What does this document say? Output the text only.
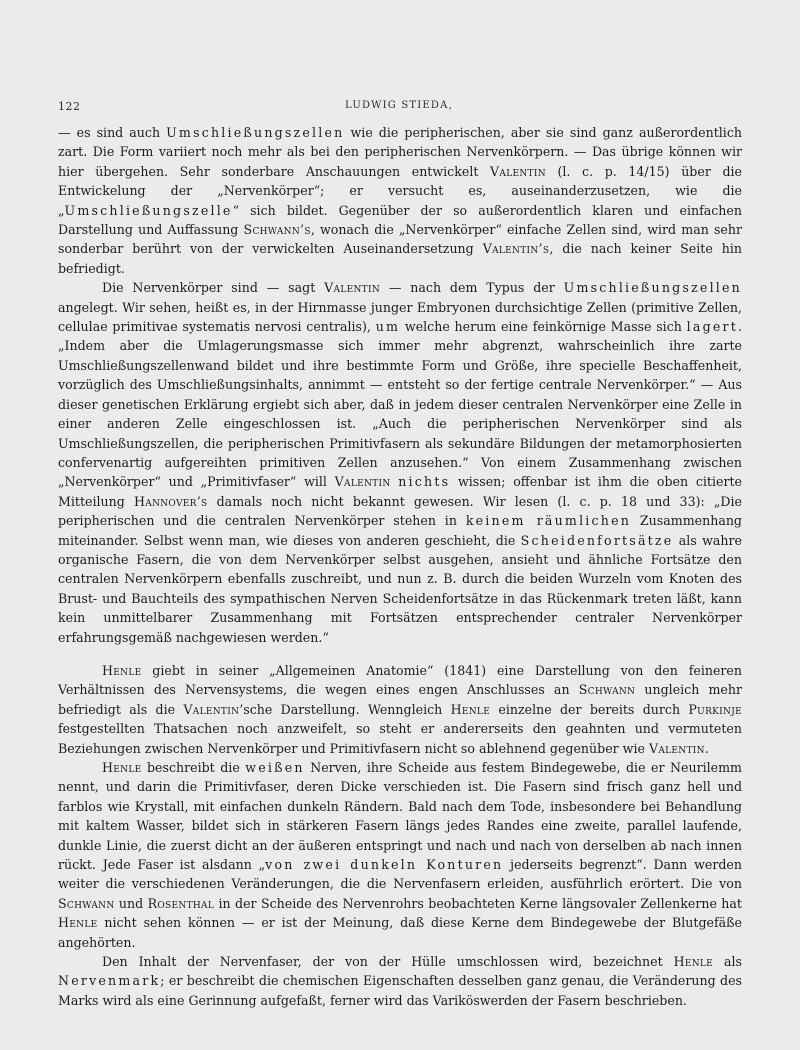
122	LUDWIG STIEDA,

— es sind auch Umschließungszellen wie die peripherischen, aber sie sind ganz außerordentlich zart. Die Form variiert noch mehr als bei den peripherischen Nervenkörpern. — Das übrige können wir hier übergehen. Sehr sonderbare Anschauungen entwickelt Valentin (l. c. p. 14/15) über die Entwickelung der „Nervenkörper“; er versucht es, auseinanderzusetzen, wie die „Umschließungszelle“ sich bildet. Gegenüber der so außerordentlich klaren und einfachen Darstellung und Auffassung Schwann’s, wonach die „Nervenkörper“ einfache Zellen sind, wird man sehr sonderbar berührt von der verwickelten Auseinandersetzung Valentin’s, die nach keiner Seite hin befriedigt.

Die Nervenkörper sind — sagt Valentin — nach dem Typus der Umschließungszellen angelegt. Wir sehen, heißt es, in der Hirnmasse junger Embryonen durchsichtige Zellen (primitive Zellen, cellulae primitivae systematis nervosi centralis), um welche herum eine feinkörnige Masse sich lagert. „Indem aber die Umlagerungsmasse sich immer mehr abgrenzt, wahrscheinlich ihre zarte Umschließungszellenwand bildet und ihre bestimmte Form und Größe, ihre specielle Beschaffenheit, vorzüglich des Umschließungsinhalts, annimmt — entsteht so der fertige centrale Nervenkörper.“ — Aus dieser genetischen Erklärung ergiebt sich aber, daß in jedem dieser centralen Nervenkörper eine Zelle in einer anderen Zelle eingeschlossen ist. „Auch die peripherischen Nervenkörper sind als Umschließungszellen, die peripherischen Primitivfasern als sekundäre Bildungen der metamorphosierten confervenartig aufgereihten primitiven Zellen anzusehen.“ Von einem Zusammenhang zwischen „Nervenkörper“ und „Primitivfaser“ will Valentin nichts wissen; offenbar ist ihm die oben citierte Mitteilung Hannover’s damals noch nicht bekannt gewesen. Wir lesen (l. c. p. 18 und 33): „Die peripherischen und die centralen Nervenkörper stehen in keinem räumlichen Zusammenhang miteinander. Selbst wenn man, wie dieses von anderen geschieht, die Scheidenfortsätze als wahre organische Fasern, die von dem Nervenkörper selbst ausgehen, ansieht und ähnliche Fortsätze den centralen Nervenkörpern ebenfalls zuschreibt, und nun z. B. durch die beiden Wurzeln vom Knoten des Brust- und Bauchteils des sympathischen Nerven Scheidenfortsätze in das Rückenmark treten läßt, kann kein unmittelbarer Zusammenhang mit Fortsätzen entsprechender centraler Nervenkörper erfahrungsgemäß nachgewiesen werden.“

Henle giebt in seiner „Allgemeinen Anatomie“ (1841) eine Darstellung von den feineren Verhältnissen des Nervensystems, die wegen eines engen Anschlusses an Schwann ungleich mehr befriedigt als die Valentin’sche Darstellung. Wenngleich Henle einzelne der bereits durch Purkinje festgestellten Thatsachen noch anzweifelt, so steht er andererseits den geahnten und vermuteten Beziehungen zwischen Nervenkörper und Primitivfasern nicht so ablehnend gegenüber wie Valentin.

Henle beschreibt die weißen Nerven, ihre Scheide aus festem Bindegewebe, die er Neurilemm nennt, und darin die Primitivfaser, deren Dicke verschieden ist. Die Fasern sind frisch ganz hell und farblos wie Krystall, mit einfachen dunkeln Rändern. Bald nach dem Tode, insbesondere bei Behandlung mit kaltem Wasser, bildet sich in stärkeren Fasern längs jedes Randes eine zweite, parallel laufende, dunkle Linie, die zuerst dicht an der äußeren entspringt und nach und nach von derselben ab nach innen rückt. Jede Faser ist alsdann „von zwei dunkeln Konturen jederseits begrenzt“. Dann werden weiter die verschiedenen Veränderungen, die die Nervenfasern erleiden, ausführlich erörtert. Die von Schwann und Rosenthal in der Scheide des Nervenrohrs beobachteten Kerne längsovaler Zellenkerne hat Henle nicht sehen können — er ist der Meinung, daß diese Kerne dem Bindegewebe der Blutgefäße angehörten.

Den Inhalt der Nervenfaser, der von der Hülle umschlossen wird, bezeichnet Henle als Nervenmark; er beschreibt die chemischen Eigenschaften desselben ganz genau, die Veränderung des Marks wird als eine Gerinnung aufgefaßt, ferner wird das Variköswerden der Fasern beschrieben.
